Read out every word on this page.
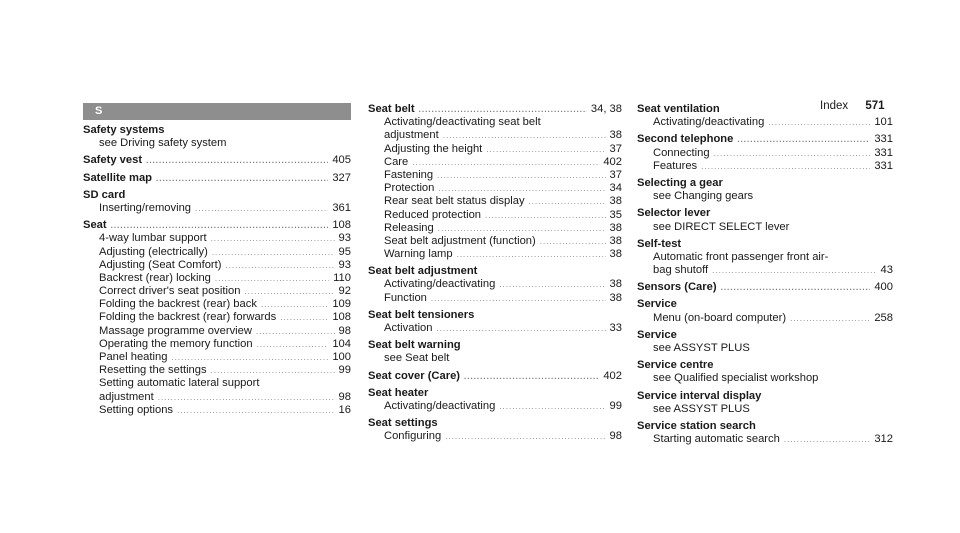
Index 571
S
Safety systems
see Driving safety system
Safety vest .....	405
Satellite map .....	327
SD card
Inserting/removing .....	361
Seat .....	108
4-way lumbar support .....	93
Adjusting (electrically) .....	95
Adjusting (Seat Comfort) .....	93
Backrest (rear) locking .....	110
Correct driver's seat position .....	92
Folding the backrest (rear) back .....	109
Folding the backrest (rear) forwards .....	108
Massage programme overview .....	98
Operating the memory function .....	104
Panel heating .....	100
Resetting the settings .....	99
Setting automatic lateral support
adjustment .....	98
Setting options .....	16
Seat belt .....	34, 38
Activating/deactivating seat belt
adjustment .....	38
Adjusting the height .....	37
Care .....	402
Fastening .....	37
Protection .....	34
Rear seat belt status display .....	38
Reduced protection .....	35
Releasing .....	38
Seat belt adjustment (function) .....	38
Warning lamp .....	38
Seat belt adjustment
Activating/deactivating .....	38
Function .....	38
Seat belt tensioners
Activation .....	33
Seat belt warning
see Seat belt
Seat cover (Care) .....	402
Seat heater
Activating/deactivating .....	99
Seat settings
Configuring .....	98
Seat ventilation
Activating/deactivating .....	101
Second telephone .....	331
Connecting .....	331
Features .....	331
Selecting a gear
see Changing gears
Selector lever
see DIRECT SELECT lever
Self-test
Automatic front passenger front air-
bag shutoff .....	43
Sensors (Care) .....	400
Service
Menu (on-board computer) .....	258
Service
see ASSYST PLUS
Service centre
see Qualified specialist workshop
Service interval display
see ASSYST PLUS
Service station search
Starting automatic search .....	312
